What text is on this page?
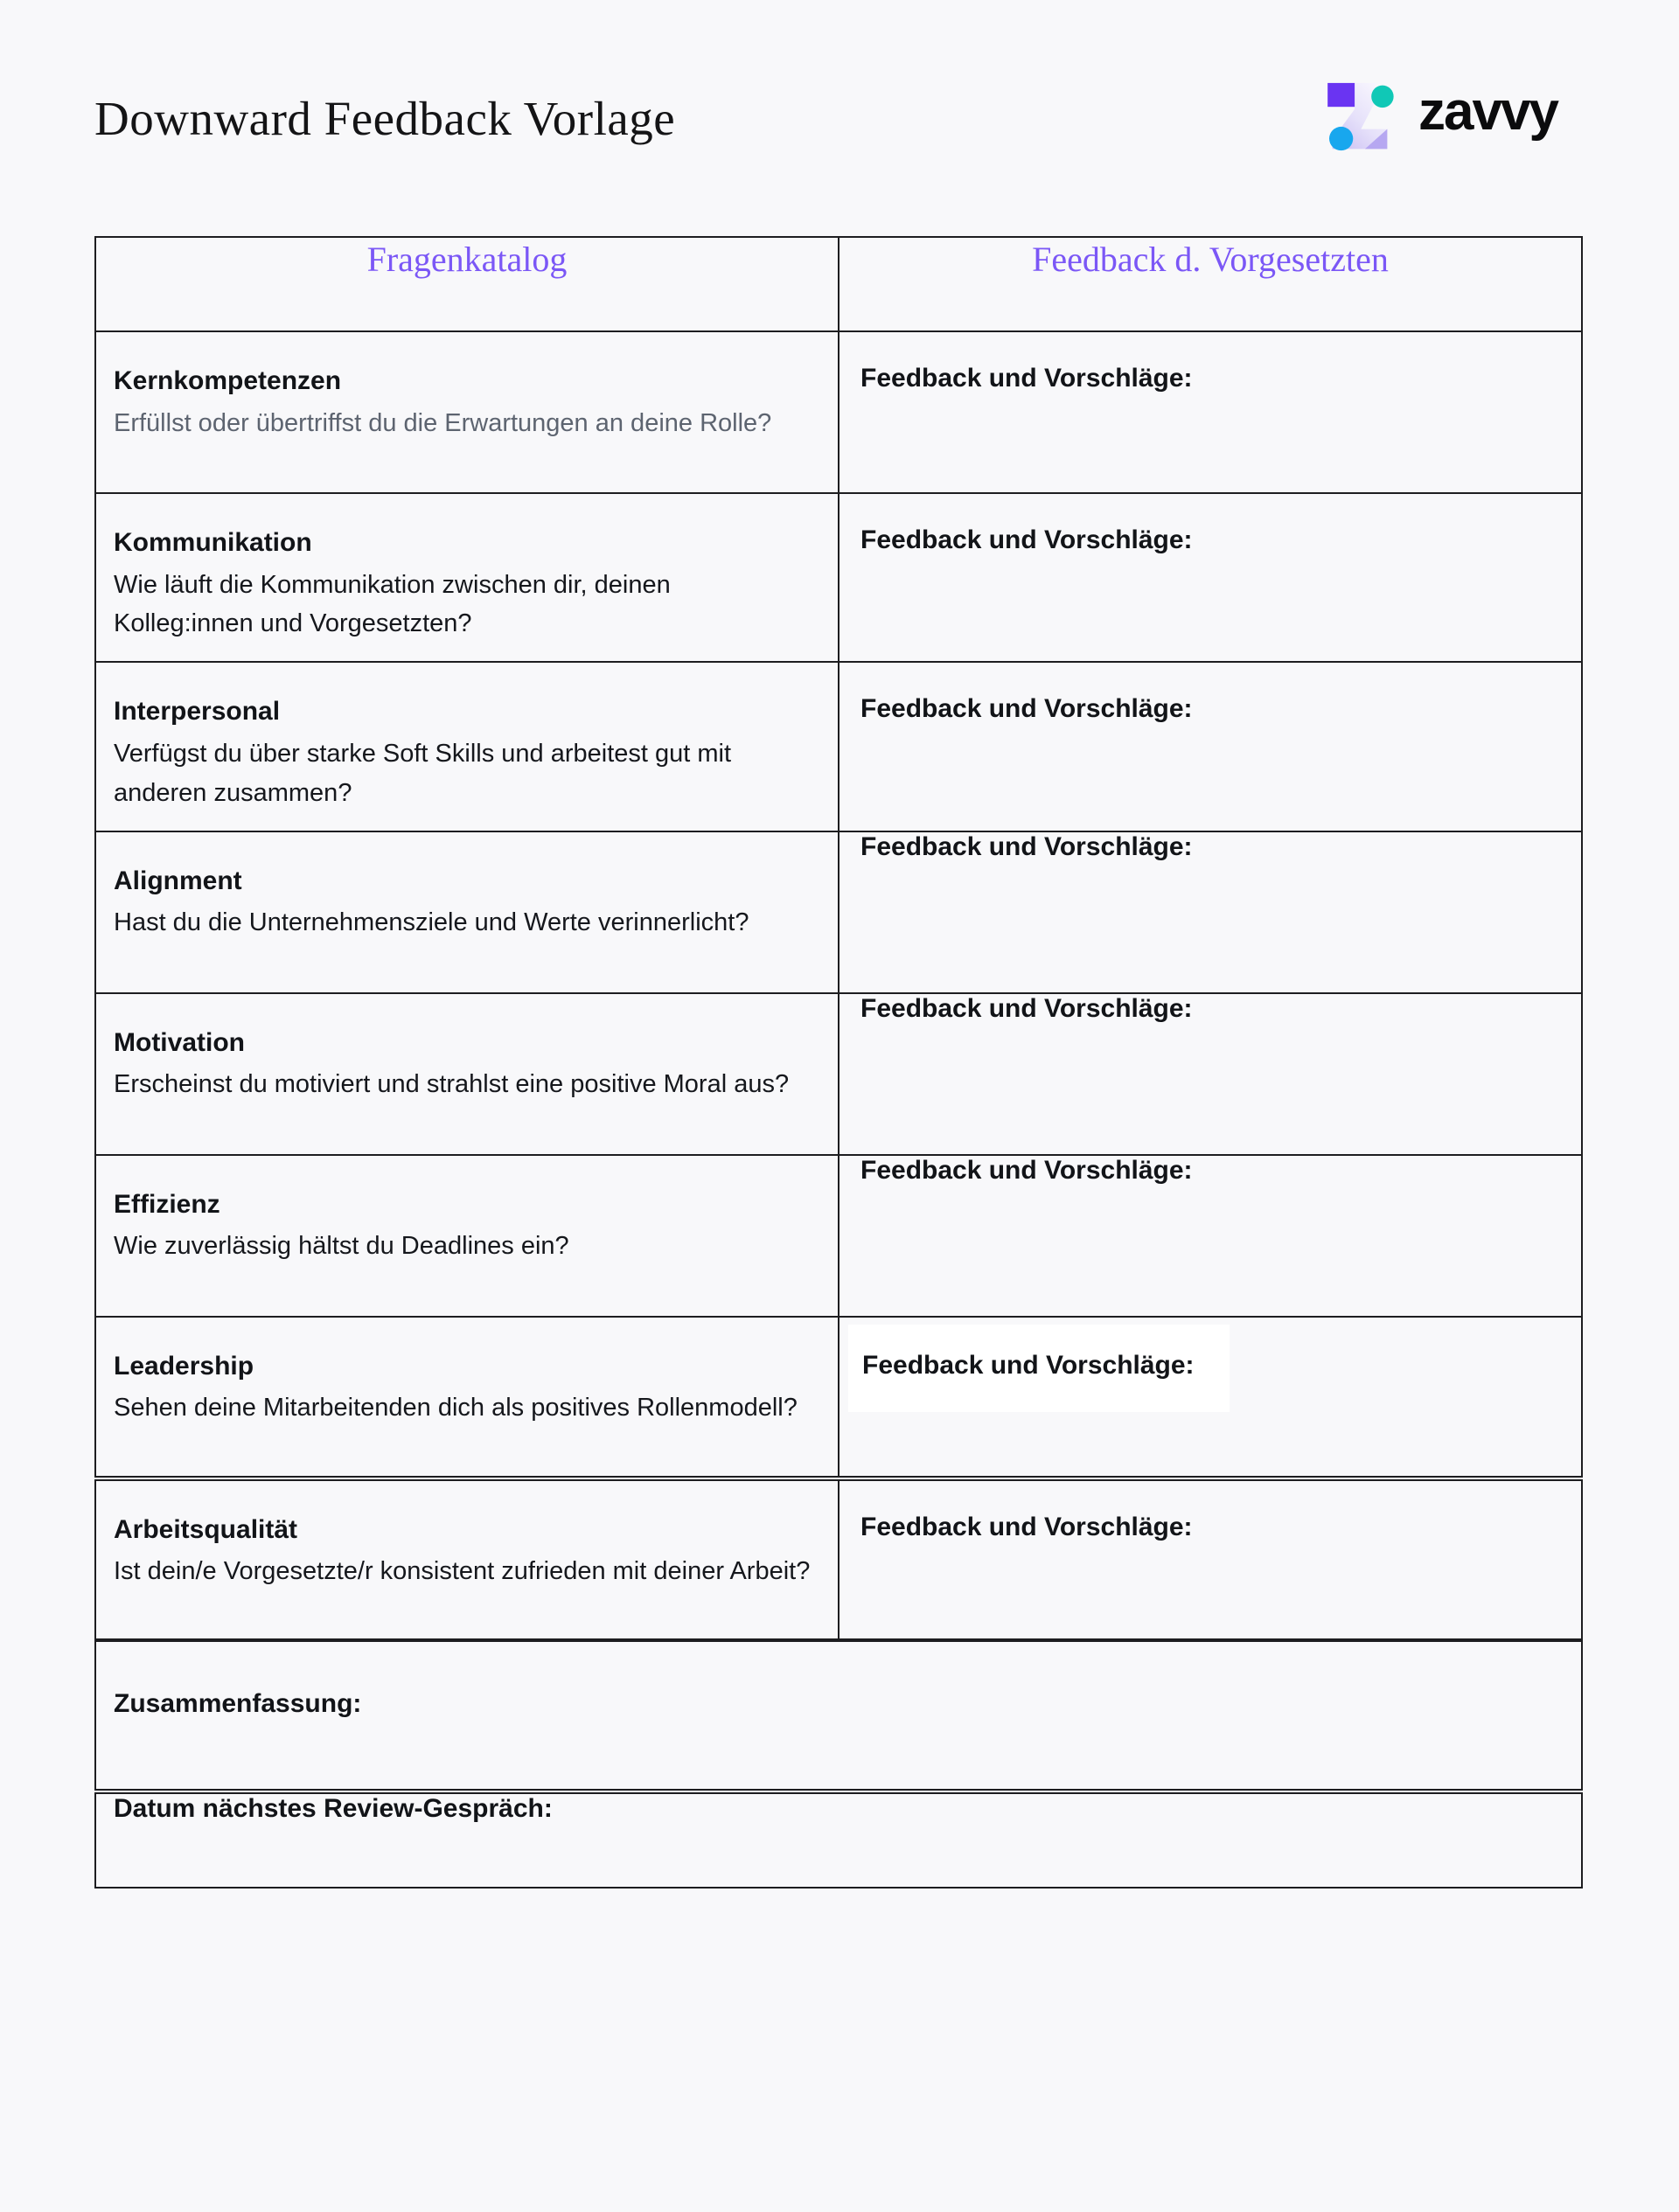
Downward Feedback Vorlage	zavvy
Fragenkatalog	Feedback d. Vorgesetzten

Kernkompetenzen
Erfüllst oder übertriffst du die Erwartungen an deine Rolle?	Feedback und Vorschläge:

Kommunikation
Wie läuft die Kommunikation zwischen dir, deinen Kolleg:innen und Vorgesetzten?	Feedback und Vorschläge:

Interpersonal
Verfügst du über starke Soft Skills und arbeitest gut mit anderen zusammen?	Feedback und Vorschläge:

Alignment
Hast du die Unternehmensziele und Werte verinnerlicht?	Feedback und Vorschläge:

Motivation
Erscheinst du motiviert und strahlst eine positive Moral aus?	Feedback und Vorschläge:

Effizienz
Wie zuverlässig hältst du Deadlines ein?	Feedback und Vorschläge:

Leadership
Sehen deine Mitarbeitenden dich als positives Rollenmodell?	Feedback und Vorschläge:

Arbeitsqualität
Ist dein/e Vorgesetzte/r konsistent zufrieden mit deiner Arbeit?	Feedback und Vorschläge:

Zusammenfassung:	

Datum nächstes Review-Gespräch:	
